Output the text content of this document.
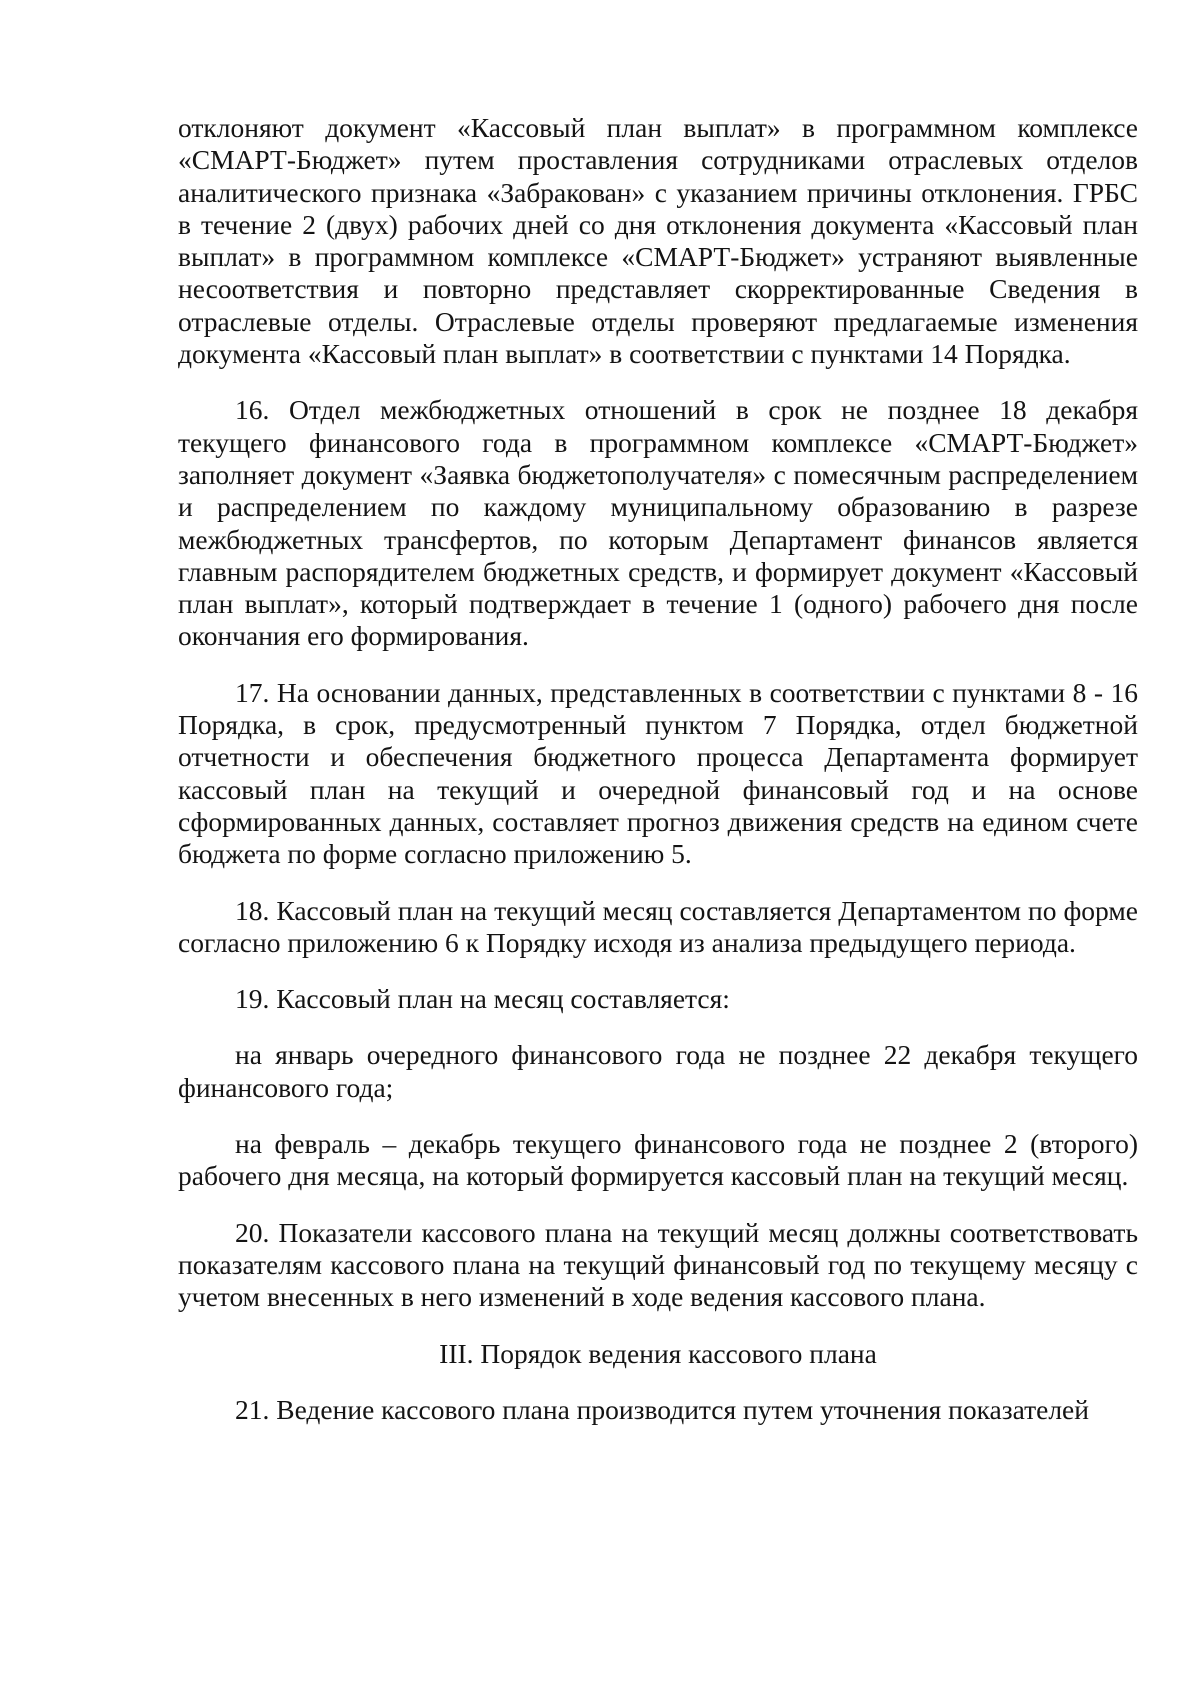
отклоняют документ «Кассовый план выплат» в программном комплексе «СМАРТ-Бюджет» путем проставления сотрудниками отраслевых отделов аналитического признака «Забракован» с указанием причины отклонения. ГРБС в течение 2 (двух) рабочих дней со дня отклонения документа «Кассовый план выплат» в программном комплексе «СМАРТ-Бюджет» устраняют выявленные несоответствия и повторно представляет скорректированные Сведения в отраслевые отделы. Отраслевые отделы проверяют предлагаемые изменения документа «Кассовый план выплат» в соответствии с пунктами 14 Порядка.

16. Отдел межбюджетных отношений в срок не позднее 18 декабря текущего финансового года в программном комплексе «СМАРТ-Бюджет» заполняет документ «Заявка бюджетополучателя» с помесячным распределением и распределением по каждому муниципальному образованию в разрезе межбюджетных трансфертов, по которым Департамент финансов является главным распорядителем бюджетных средств, и формирует документ «Кассовый план выплат», который подтверждает в течение 1 (одного) рабочего дня после окончания его формирования.

17. На основании данных, представленных в соответствии с пунктами 8 - 16 Порядка, в срок, предусмотренный пунктом 7 Порядка, отдел бюджетной отчетности и обеспечения бюджетного процесса Департамента формирует кассовый план на текущий и очередной финансовый год и на основе сформированных данных, составляет прогноз движения средств на едином счете бюджета по форме согласно приложению 5.

18. Кассовый план на текущий месяц составляется Департаментом по форме согласно приложению 6 к Порядку исходя из анализа предыдущего периода.

19. Кассовый план на месяц составляется:

на январь очередного финансового года не позднее 22 декабря текущего финансового года;

на февраль – декабрь текущего финансового года не позднее 2 (второго) рабочего дня месяца, на который формируется кассовый план на текущий месяц.

20. Показатели кассового плана на текущий месяц должны соответствовать показателям кассового плана на текущий финансовый год по текущему месяцу с учетом внесенных в него изменений в ходе ведения кассового плана.

III. Порядок ведения кассового плана

21. Ведение кассового плана производится путем уточнения показателей
